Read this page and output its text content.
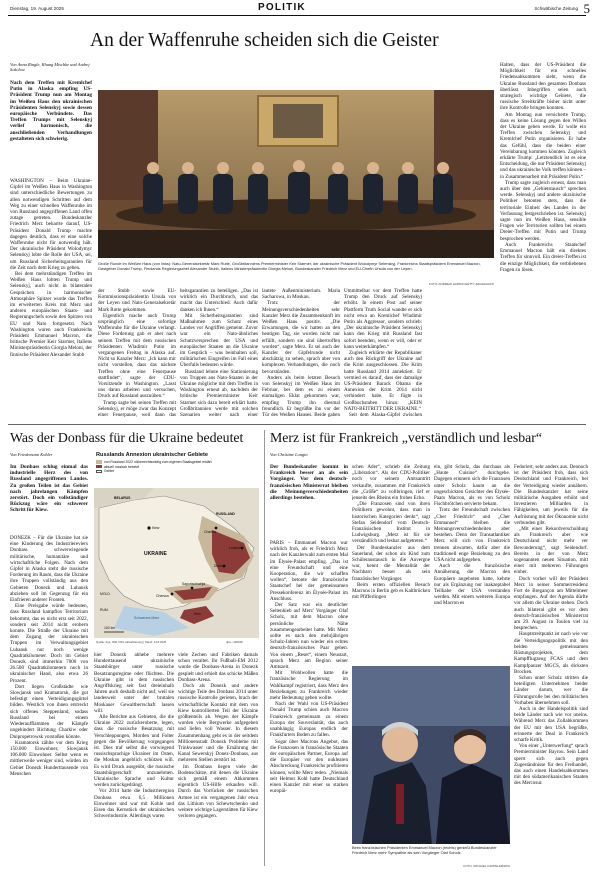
Dienstag, 19. August 2025	POLITIK	Schwäbische Zeitung 5
An der Waffenruhe scheiden sich die Geister
Von Anna Ringle, Khang Mischke und Andrej Sokolow
Nach dem Treffen mit Kremlchef Putin in Alaska empfing US-Präsident Trump nun am Montag im Weißen Haus den ukrainischen Präsidenten Selenskyj sowie dessen europäische Verbündete. Das Treffen Trumps mit Selenskyj verlief harmonisch, die anschließenden Verhandlungen gestalteten sich schwierig.

WASHINGTON – Beim Ukraine-Gipfel im Weißen Haus in Washington sind unterschiedliche Bewertungen zu allen notwendigen Schritten auf dem Weg zu einer schnellen Waffenruhe im von Russland angegriffenen Land offen zutage getreten. Bundeskanzler Friedrich Merz beharrte darauf, US-Präsident Donald Trump machte dagegen deutlich, dass er eine solche Waffenruhe nicht für notwendig hält. Der ukrainische Präsident Wolodymyr Selenskyj lobte die Rolle der USA, sei, um Russland Sicherheitsgarantien für die Zeit nach dem Krieg zu geben.

Bei dem mehrstündigen Treffen im Weißen Haus lobten Trump und Selenskyj, auch nicht in bilateralen Gesprächen in harmonischer Atmosphäre Spitzer wurde das Treffen im erweiterten Kreis mit Merz und anderen europäischen Staats- und Regierungschefs sowie den Spitzen von EU und Nato fortgesetzt. Nach Washington waren auch Frankreichs Präsident Emmanuel Macron, die britische Premier Keir Starmer, Italiens Ministerpräsidentin Giorgia Meloni, der finnische Präsident Alexander Stubb

Große Runde im Weißen Haus (von links): Nato-Generalsekretär Mark Rutte, Großbritanniens Premierminister Keir Starmer, der ukrainische Präsident Wolodymyr Selenskyj, Frankreichs Staatspräsident Emmanuel Macron, Gastgeber Donald Trump, Finnlands Regierungschef Alexander Stubb, Italiens Ministerpräsidentin Giorgia Meloni, Bundeskanzler Friedrich Merz und EU-Chefin Ursula von der Leyen.
FOTO: ANDREW HARNIK/GETTY IMAGES/AFP

der Stubb sowie EU-Kommissionspräsidentin Ursula von der Leyen und Nato-Generalsekretär Mark Rutte gekommen.

Eigentlich mache auch Trump ursprünglich eine sofortige Waffenruhe für die Ukraine verlangt. Diese Forderung gab er aber nach seinem Treffen mit dem russischen Präsidenten Wladimir Putin im vergangenen Freitag in Alaska auf. Nicht so Kanzler Merz: „Ich kann mir nicht vorstellen, dass das nächste Treffen ohne eine Feuerpause stattfindet“, sagte der CDU-Vorsitzende in Washington. „Lasst uns daran arbeiten und versuchen, Druck auf Russland auszuüben.“

Trump sagte bei seinen Treffen mit Selenskyj, er möge zwar das Konzept einer Feuerpause, weil dann das

heitsgarantien zu beteiligen. „Das ist wirklich ein Durchbruch, und das macht das Unterschied. Auch dafür danken ich Ihnen.“

Mit Sicherheitsgarantien sind Maßnahmen zum Schutz eines Landes vor Angriffen gemeint. Zuvor war ein Nato-ähnliches Schutzversprechen der USA und europäischer Staaten an die Ukraine im Gespräch – was beinhalten soll, militärischen Eingreifen im Fall eines Überfalls bedeuten würde.

Russland lehnte eine Stationierung von Truppen aus Nato-Staaten in der Ukraine mögliche mit dem Treffen in Washington erneut ab, nachdem der britische Premierminister Keir Starmer sich dazu bereit erklärt hatte. Großbritannien werde mit solchen Szenarien weiter nach einer

lautete Außenministerium. Maria Sacharowa, in Moskau.

Trotz der Meinungsverschiedenheiten sehr Kanzler Merz die Zusammenkunft im Weißen Haus positiv. „Die Erwartungen, die wir hatten an den heutigen Tag, sie wurden nicht nur erfüllt, sondern sie sind übertroffen worden“, sagte Merz. Er sei auch der Kanzler der Gipfelrunde nicht abschätzig zu sehen, sprach aber von komplexen Verhandlungen, die noch bevorstünden.

Anders als beim letzten Besuch von Selenskyj im Weißen Haus im Februar, bei dem es zu einem einmaligen Eklat gekommen war, empfing Trump ihn diesmal freundlich. Er begrüßte ihn vor der Tür des Weißen Hauses. Beide gaben

Ummittelbar vor dem Treffen hatte Trump den Druck auf Selenskyj erhöht. In einem Post auf seiner Plattform Truth Social wandte er sich nicht etwa an Kremlchef Wladimir Putin als Aggressor, sondern schrieb: „Der ukrainische Präsident Selenskyj kann den Krieg mit Russland fast sofort beenden, wenn er will, oder er kann weiterkämpfen.“

Zugleich erklärte der Republikaner auch den Rückgriff der Ukraine auf die Krim ausgeschlossen. Die Krim hatte Russland 2014 annektiert. Er vermied es darauf, dass der damalige US-Präsident Barack Obama die Annexion der Krim 2014 nicht verhindert habe. Er fügte in Großbuchstaben hinzu: „KEIN NATO-BEITRITT DER UKRAINE.“

Seit dem Alaska-Gipfel zwischen

Halten, dass der US-Präsident die Möglichkeit für ein schnelles Friedensabkommen sieht, wenn die Ukraine Russland den gesamten Donbass überlässt. Inbegriffen seien auch strategisch wichtige Gebiete, die russische Streitkräfte bisher nicht unter ihre Kontrolle bringen konnten.

Am Montag nun versicherte Trump, dass es keine Lösung gegen den Willen der Ukraine geben werde. Er wolle ein Treffen zwischen Selenskyj und Kremlchef Putin organisieren. Er habe das Gefühl, dass die beiden einer Vereinbarung kommen könnten. Zugleich erklärte Trump: „Letztendlich ist es eine Entscheidung, die nur Präsident Selenskyj und das ukrainische Volk treffen können – in Zusammenarbeit mit Präsident Putin.“

Trump sagte zugleich erneut, dass man auch über den „Gebietstausch“ sprechen werde. Selenskyj und andere ukrainische Politiker betonten stets, dass die territoriale Einheit des Landes in der Verfassung festgeschrieben ist. Selenskyj sagte nun im Weißen Haus, sensible Fragen wie Territorien sollten bei einem Dreier-Treffen mit Putin und Trump besprochen werden.

Auch Frankreichs Staatschef Emmanuel Macron hält ein direktes Treffen für sinnvoll. Ein dreier-Treffen ist die einzige Möglichkeit, die verbliebenen Fragen zu lösen.

Was der Donbass für die Ukraine bedeutet
Von Friedemann Kohler
Im Donbass schlug einmal das industrielle Herz des von Russland angegriffenen Landes. Zu großen Teilen ist das Gebiet nach jahrelangen Kämpfen zerstört. Doch ein vollständiger Rückzug wäre ein schwerer Schritt für Kiew.

DONEZK – Für die Ukraine hat sie eine Kinderung des Industriereviers Donbass schwerwiegende militärische, humanitäre und wirtschaftliche Folgen. Nach dem Gipfel in Alaska steht die russische Forderung im Raum, dass die Ukraine ihre Truppen vollständig aus den Gebieten Donezk und Luhansk abziehen soll im Gegenzug für ein Einfrieren anderer Fronten.

Eine Preisgabe würde bedeuten, dass Russland kampflos Territorium bekommt, das es nicht erst seit 2022, sondern seit 2014 nicht erobern konnte. Die Straße der Ukraine mit dem Zugang der ukrainischen Truppen im Verwaltungsgebiet Luhansk nur noch wenige Quadratkilometer. Doch im Gebiet Donezk sind immerhin 7000 von 26.500 Quadratkilometern noch in ukrainischer Hand, also etwa 26 Prozent.

Dort liegen Großstädte wie Slowjansk und Kramatorsk, die gut befestigt einen Verteidigungsgürtel bilden. Westlich von ihnen erstreckt sich offenes Steppenland, sodass Russland bei einem Wiederaufflammen der Kämpfe ungehindert Richtung Charkiw oder Dnipropetrowsk vorstoßen könnte.

Kramatorsk zählte vor dem Krieg 150.000 Einwohner, Slowjansk 106.000 Einwohner. Selbst wenn es mittlerweile weniger sind, würden im Gebiet Donezk Hunderttausende von Menschen

Russlands Annexion ukrainischer Gebiete
von Russland 2022 völkerrechtswidrig zum eigenen Staatsgebiet erklärt
aktuell russisch besetzt
Gebiet
BELARUS
RUSSLAND
UKRAINE
Kiew
Charkiw
Luhansk
Donezk
Saporischschja
Cherson
Krim
Schwarzes Meer
MOLD.
RUM.
100 km
Quelle: dpa, ISW, DSV-Aktualisierung | Stand: 14.8.2025	dpa • 109198

hier Donezk abhebe mehrere Hunderttausend ukrainische Staatsbürger unter russische Besatzungsregime oder flüchten. Die Ukraine gibt in dem russischen Angriffskrieg seit fast dreieinhalb Jahren auch deshalb nicht auf, weil sie landesweit unter der brutalen Moskauer Gewaltherrschaft lassen will.

Alle Berichte aus Gebieten, die die Ukraine 2022 zurückeroberte, legen, dass die russische Besatzung mit Verschleppungen, Morden und Folter gegen die Bevölkerung vorgegangen ist. Dies traf selbst die vorwiegend russischsprachige Ukrainer im Osten, die Moskau angeblich schützen will. Es wird Druck ausgeübt, die russische Staatsbürgerschaft anzunehmen. Ukrainische Sprache und Kultur werden zurückgedrängt.

Vor 2014 hatte die Industrieregion Donbass etwa 6,5 Millionen Einwohner und war mit Kohle und Eisen das Kernstück der ukrainischen Schwerindustrie. Allerdings waren

viele Zechen und Fabriken damals schon veraltet. Ihr Fußball-EM 2012 wurde die Donbass-Arena in Donezk gespielt und erhielt das schicke Mäßen Donbass-Arena.

Doch als Donezk und andere wichtige Teile des Donbass 2014 unter russische Kontrolle gerieten, brach der wirtschaftliche Kontakt mit dem von Kiew kontrollierten Teil der Ukraine größtenteils ab. Wegen der Kämpfe wurden viele Bergwerke aufgegeben und liefen voll Wasser. In diesem Zusammenhang geht es in der seitdem Millionenstadt Donezk Probleme mit Trinkwasser und die Ernährung der Kanal Sewerskyj Donez-Donbass, aus mehreren Stellen zerstört ist.

Im Donbass liegen viele der Bodenschätze, mit denen die Ukraine sich gemäß einem Abkommen eigentlich US-Hilfe erkaufen will. Durch das Vorrücken der russischen Armee ist ein vergangenen Jahr etwa das Lithium von Schewtschenko und weitere wichtige Lagerstätten für Kiew verloren gegangen.

Merz ist für Frankreich „verständlich und lesbar“
Von Christine Longin
Der Bundeskanzler kommt in Frankreich besser an als sein Vorgänger. Vor dem deutsch-französischen Ministerrat bleiben die Meinungsverschiedenheiten allerdings bestehen.

PARIS – Emmanuel Macron war wirklich froh, als er Friedrich Merz nach der Kanzlerwahl zum ersten Mal im Élysée-Palast empfing. „Das ist eine Freundschaft und eine Kooperation, die wir schaffen wollen“, betonte der französische Staatschef bei der gemeinsamen Pressekonferenz im Élysée-Palast im Anschluss.

Der Satz war ein deutlicher Seitenhieb auf Merz' Vorgänger Olaf Scholz, mit dem Macron ohne persönliche Nähe zusammengearbeitet hatte. Mit Merz sollte es nach den mehrjährigen Schulz-Jahren nun wieder ein echtes deutsch-französisches Paar geben. Von einem „Reset“, einem Neustart, sprach Merz am Beginn seiner Amtszeit.

Mit Wohlwollen hatte die französische Regierung im Wahlkampf registriert, dass Merz den Beziehungen zu Frankreich wieder mehr Bedeutung geben wollte.

Nach der Wahl von US-Präsident Donald Trump schien auch Macron Frankreich gemeinsam zu einem Europa der Souveränität, das auch unabhängig Europas endlich der Frankfurters Boden zu fallen.

Sogar über Macrons Angebot, das die Franzosen in französische Staaten der europäischen Partner, Europa auf die Europäer vor den nuklearen Abschreckung Frankreichs profitieren können, wollte Merz reden. „Niemals seit Helmut Kohl hatte Deutschland einen Kanzler mit einer so starken europäi-

schen Ader“, schrieb die Zeitung „Libération“. Als der CDU-Politiker noch vor seinem Amtsantritt verkaufte, zusammen mit Frankreich die „Größe“ zu vollbringen, rief er jenseits des Rheins ein frohes Echo.

„Die Franzosen sind von ihren Politikern gewohnt, dass man in historischen Kategorien denkt“, sagt Stefan Seidendorf vom Deutsch-Französischen Institut in Ludwigsburg. „Merz ist für sie verständlich und lesbar aufgetreten.“

Der Bundeskanzler aus dem Sauerland, der schon als Kind zum Schüleraustausch in die Auvergne war, kennt die Mentalität der Nachbarn besser als sein französischer Vorgänger.

Beim ersten offiziellen Besuch Macrons in Berlin geb es Kaltbrücken mit Pfifferlingen

ein, gibt Scholz, das durchaus als „Haute Cuisine“ durchgehe. Dagegen erinnern sich die Franzosen unter Scholz kaum an die ungeschickten Gesichter des Élysée-Paars Macron, als es von Scholz Fischbrötchen servierte bekam.

Trotz der Freundschaft zwischen „Cher Friedrich“ und „Cher Emmanuel“ bleiben die Meinungsverschiedenheiten aber bestehen. Denn der Transatlantiker Merz will sich von Frankreich trennen abwarten, dafür aber die traditionell enge Beziehung zu den USA nicht aufgegeben.

Auch die französische Annäherung, die Macron den Europäern angeboten hatte, kehrte nur als Ergänzung nur inakzeptabel Teilhabe der USA verstanden werden. Mit einem weiteren Europa und Macron es

Fedoriert, sehr anders aus. Dennoch ist der Präsident froh, dass sich Deutschland und Frankreich, bei der Verteidigung wieder annähern. Die Bundeskanzler hat seine militärische Ausgaben erhöht und Investieren Milliarden in Fähigkeiten, um jeweils für die Aufrüstung mit der Ökonomie nicht verbunden gibt.

„Mit einer Rekordverschuldung als Frankreich aber wie Deutschland nicht mehr ver Bewunderung“, sagt Seidendorf. Bereits in der von Merz sogenannten neuen Situation, mitt einer mit mehreren Führungen einher.

Doch vorher will der Präsident Merz in seiner Sommerresidenz Fort de Bregançon am Mittelmeer empfangen. Auf der Agenda dürfte vor allem die Ukraine stehen. Doch auch bilateral gibt es vor dem deutsch-französischen Ministerrat am 29. August in Toulon viel zu besprechen.

Hauptstreitpunkt ist nach wie vor die Verteidigungspolitik mit den beiden gemeinsamen Rüstungsprojekten, dem Kampfflugzeug FCAS und dem Kampfpanzer MGCS, als dicksten Brocken.

Schon unter Scholz stritten die beteiligten Unternehmen beider Länder darum, wer die Führungsrolle bei den militärischen Vorhaben übernehmen soll.

Auch in der Handelspolitik sind beide Länder nach wie vor uneins. Während Merz das Zollabkommen der EU mit den USA begrüßte, erinnerte der Deal in Frankreich scharfe Kritik.

Von einer „Unterwerfung“ sprach Premierminister Bayrou. Sein Land sperrt sich auch gegen Zugeständnisse für den Freihandel, das auch einen Handelsabkommen mit den südamerikanischen Staaten des Mercosur.

Beim französischen Präsidenten Emmanuel Macron (rechts) genießt Bundeskanzler Friedrich Merz mehr Sympathie als sein Vorgänger Olaf Scholz.
FOTO: MICHAEL KAPPELER/DPA
